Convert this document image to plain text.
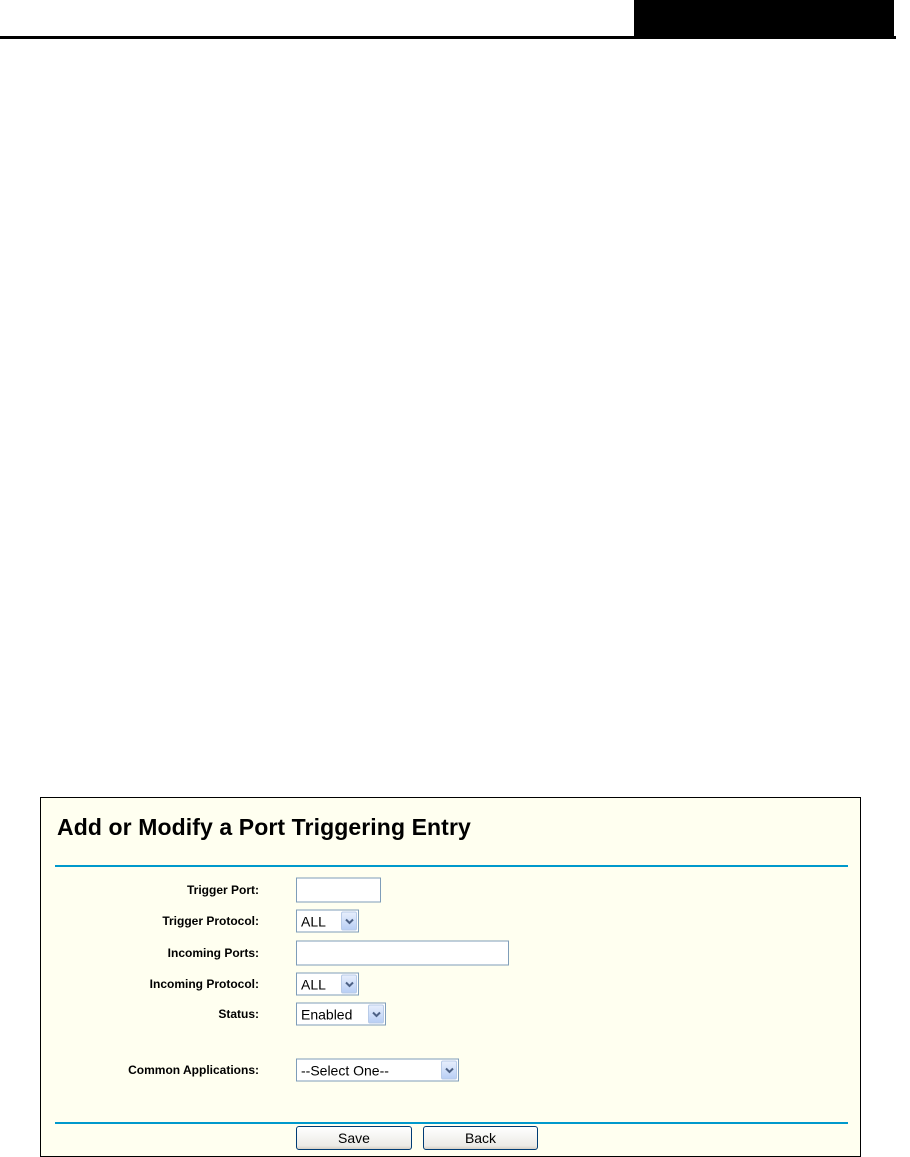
Add or Modify a Port Triggering Entry
Trigger Port:
Trigger Protocol:	ALL
Incoming Ports:
Incoming Protocol:	ALL
Status:	Enabled
Common Applications:	--Select One--
Save	Back
